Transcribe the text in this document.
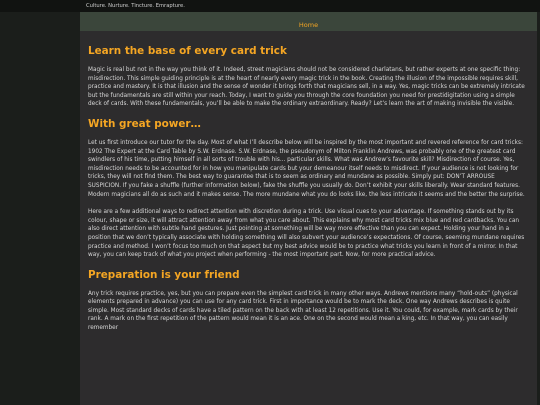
Culture. Nurture. Tincture. Emrapture.
Home
Learn the base of every card trick

Magic is real but not in the way you think of it. Indeed, street magicians should not be considered charlatans, but rather experts at one specific thing: misdirection. This simple guiding principle is at the heart of nearly every magic trick in the book. Creating the illusion of the impossible requires skill, practice and mastery. It is that illusion and the sense of wonder it brings forth that magicians sell, in a way. Yes, magic tricks can be extremely intricate but the fundamentals are still within your reach. Today, I want to guide you through the core foundation you need for prestidigitation using a simple deck of cards. With these fundamentals, you’ll be able to make the ordinary extraordinary. Ready? Let’s learn the art of making invisible the visible.

With great power…

Let us first introduce our tutor for the day. Most of what I’ll describe below will be inspired by the most important and revered reference for card tricks: 1902 The Expert at the Card Table by S.W. Erdnase. S.W. Erdnase, the pseudonym of Milton Franklin Andrews, was probably one of the greatest card swindlers of his time, putting himself in all sorts of trouble with his... particular skills. What was Andrew’s favourite skill? Misdirection of course. Yes, misdirection needs to be accounted for in how you manipulate cards but your demeanour itself needs to misdirect. If your audience is not looking for tricks, they will not find them. The best way to guarantee that is to seem as ordinary and mundane as possible. Simply put: DON’T ARROUSE SUSPICION. If you fake a shuffle (further information below), fake the shuffle you usually do. Don’t exhibit your skills liberally. Wear standard features. Modern magicians all do as such and it makes sense. The more mundane what you do looks like, the less intricate it seems and the better the surprise.

Here are a few additional ways to redirect attention with discretion during a trick. Use visual cues to your advantage. If something stands out by its colour, shape or size, it will attract attention away from what you care about. This explains why most card tricks mix blue and red cardbacks. You can also direct attention with subtle hand gestures. Just pointing at something will be way more effective than you can expect. Holding your hand in a position that we don’t typically associate with holding something will also subvert your audience’s expectations. Of course, seeming mundane requires practice and method. I won’t focus too much on that aspect but my best advice would be to practice what tricks you learn in front of a mirror. In that way, you can keep track of what you project when performing - the most important part. Now, for more practical advice.

Preparation is your friend

Any trick requires practice, yes, but you can prepare even the simplest card trick in many other ways. Andrews mentions many “hold-outs” (physical elements prepared in advance) you can use for any card trick. First in importance would be to mark the deck. One way Andrews describes is quite simple. Most standard decks of cards have a tiled pattern on the back with at least 12 repetitions. Use it. You could, for example, mark cards by their rank. A mark on the first repetition of the pattern would mean it is an ace. One on the second would mean a king, etc. In that way, you can easily remember
